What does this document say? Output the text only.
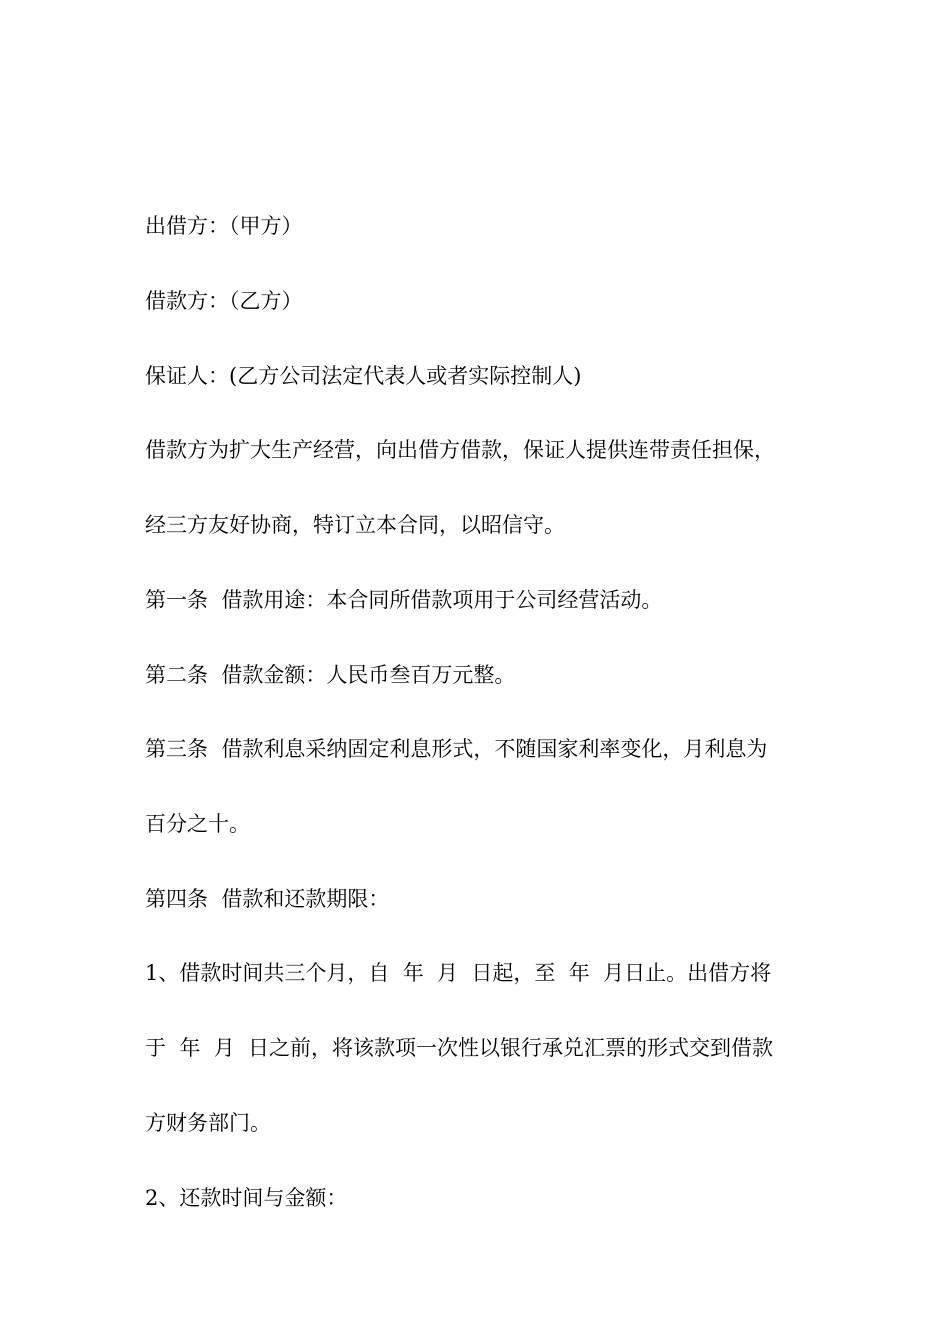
出借方：（甲方）
借款方：（乙方）
保证人：(乙方公司法定代表人或者实际控制人)
借款方为扩大生产经营，向出借方借款，保证人提供连带责任担保，
经三方友好协商，特订立本合同，以昭信守。
第一条  借款用途：本合同所借款项用于公司经营活动。
第二条  借款金额：人民币叁百万元整。
第三条  借款利息采纳固定利息形式，不随国家利率变化，月利息为
百分之十。
第四条  借款和还款期限：
1、借款时间共三个月，自  年  月  日起，至  年  月日止。出借方将
于  年  月  日之前，将该款项一次性以银行承兑汇票的形式交到借款
方财务部门。
2、还款时间与金额：
